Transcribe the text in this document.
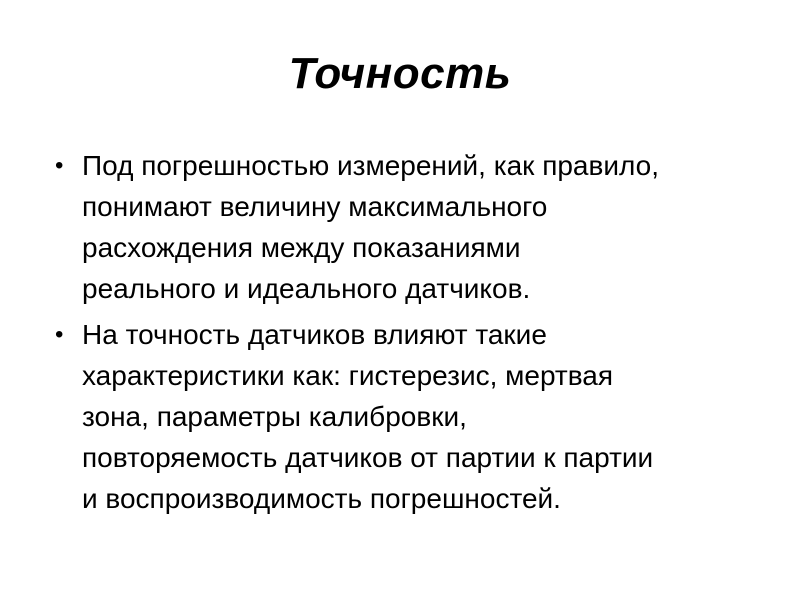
Точность
• Под погрешностью измерений, как правило,
понимают величину максимального
расхождения между показаниями
реального и идеального датчиков.
• На точность датчиков влияют такие
характеристики как: гистерезис, мертвая
зона, параметры калибровки,
повторяемость датчиков от партии к партии
и воспроизводимость погрешностей.
